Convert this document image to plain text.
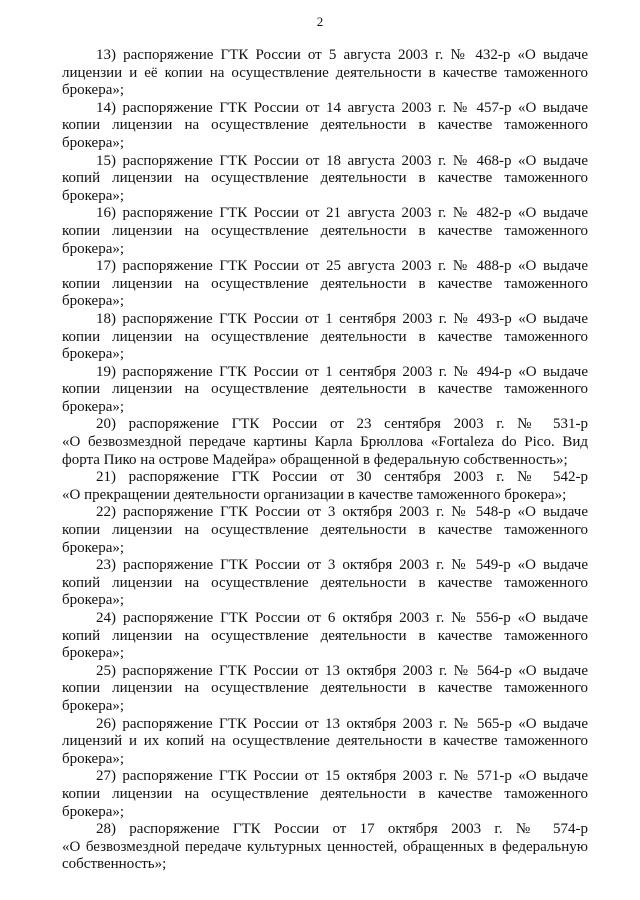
2

13) распоряжение ГТК России от 5 августа 2003 г. № 432-р «О выдаче
лицензии и её копии на осуществление деятельности в качестве таможенного
брокера»;

14) распоряжение ГТК России от 14 августа 2003 г. № 457-р «О выдаче
копии лицензии на осуществление деятельности в качестве таможенного
брокера»;

15) распоряжение ГТК России от 18 августа 2003 г. № 468-р «О выдаче
копий лицензии на осуществление деятельности в качестве таможенного
брокера»;

16) распоряжение ГТК России от 21 августа 2003 г. № 482-р «О выдаче
копии лицензии на осуществление деятельности в качестве таможенного
брокера»;

17) распоряжение ГТК России от 25 августа 2003 г. № 488-р «О выдаче
копии лицензии на осуществление деятельности в качестве таможенного
брокера»;

18) распоряжение ГТК России от 1 сентября 2003 г. № 493-р «О выдаче
копии лицензии на осуществление деятельности в качестве таможенного
брокера»;

19) распоряжение ГТК России от 1 сентября 2003 г. № 494-р «О выдаче
копии лицензии на осуществление деятельности в качестве таможенного
брокера»;

20) распоряжение ГТК России от 23 сентября 2003 г. № 531-р
«О безвозмездной передаче картины Карла Брюллова «Fortaleza do Pico. Вид
форта Пико на острове Мадейра» обращенной в федеральную собственность»;

21) распоряжение ГТК России от 30 сентября 2003 г. № 542-р
«О прекращении деятельности организации в качестве таможенного брокера»;

22) распоряжение ГТК России от 3 октября 2003 г. № 548-р «О выдаче
копии лицензии на осуществление деятельности в качестве таможенного
брокера»;

23) распоряжение ГТК России от 3 октября 2003 г. № 549-р «О выдаче
копий лицензии на осуществление деятельности в качестве таможенного
брокера»;

24) распоряжение ГТК России от 6 октября 2003 г. № 556-р «О выдаче
копий лицензии на осуществление деятельности в качестве таможенного
брокера»;

25) распоряжение ГТК России от 13 октября 2003 г. № 564-р «О выдаче
копии лицензии на осуществление деятельности в качестве таможенного
брокера»;

26) распоряжение ГТК России от 13 октября 2003 г. № 565-р «О выдаче
лицензий и их копий на осуществление деятельности в качестве таможенного
брокера»;

27) распоряжение ГТК России от 15 октября 2003 г. № 571-р «О выдаче
копии лицензии на осуществление деятельности в качестве таможенного
брокера»;

28) распоряжение ГТК России от 17 октября 2003 г. № 574-р
«О безвозмездной передаче культурных ценностей, обращенных в федеральную
собственность»;
